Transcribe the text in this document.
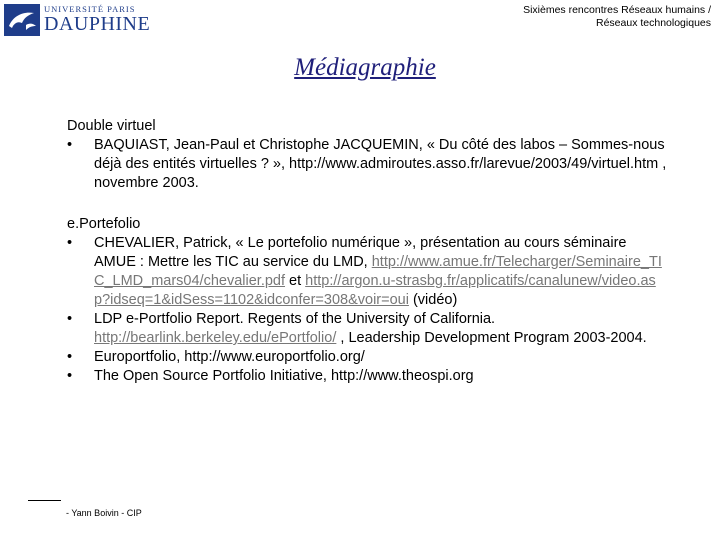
UNIVERSITÉ PARIS
DAUPHINE
Sixièmes rencontres Réseaux humains /
Réseaux technologiques
Médiagraphie
Double virtuel
• BAQUIAST, Jean-Paul et Christophe JACQUEMIN, « Du côté des labos – Sommes-nous déjà des entités virtuelles ? », http://www.admiroutes.asso.fr/larevue/2003/49/virtuel.htm , novembre 2003.
e.Portefolio
• CHEVALIER, Patrick, « Le portefolio numérique », présentation au cours séminaire AMUE : Mettre les TIC au service du LMD, http://www.amue.fr/Telecharger/Seminaire_TIC_LMD_mars04/chevalier.pdf et http://argon.u-strasbg.fr/applicatifs/canalunew/video.asp?idseq=1&idSess=1102&idconfer=308&voir=oui (vidéo)
• LDP e-Portfolio Report. Regents of the University of California. http://bearlink.berkeley.edu/ePortfolio/ , Leadership Development Program 2003-2004.
• Europortfolio, http://www.europortfolio.org/
• The Open Source Portfolio Initiative, http://www.theospi.org
- Yann Boivin - CIP
